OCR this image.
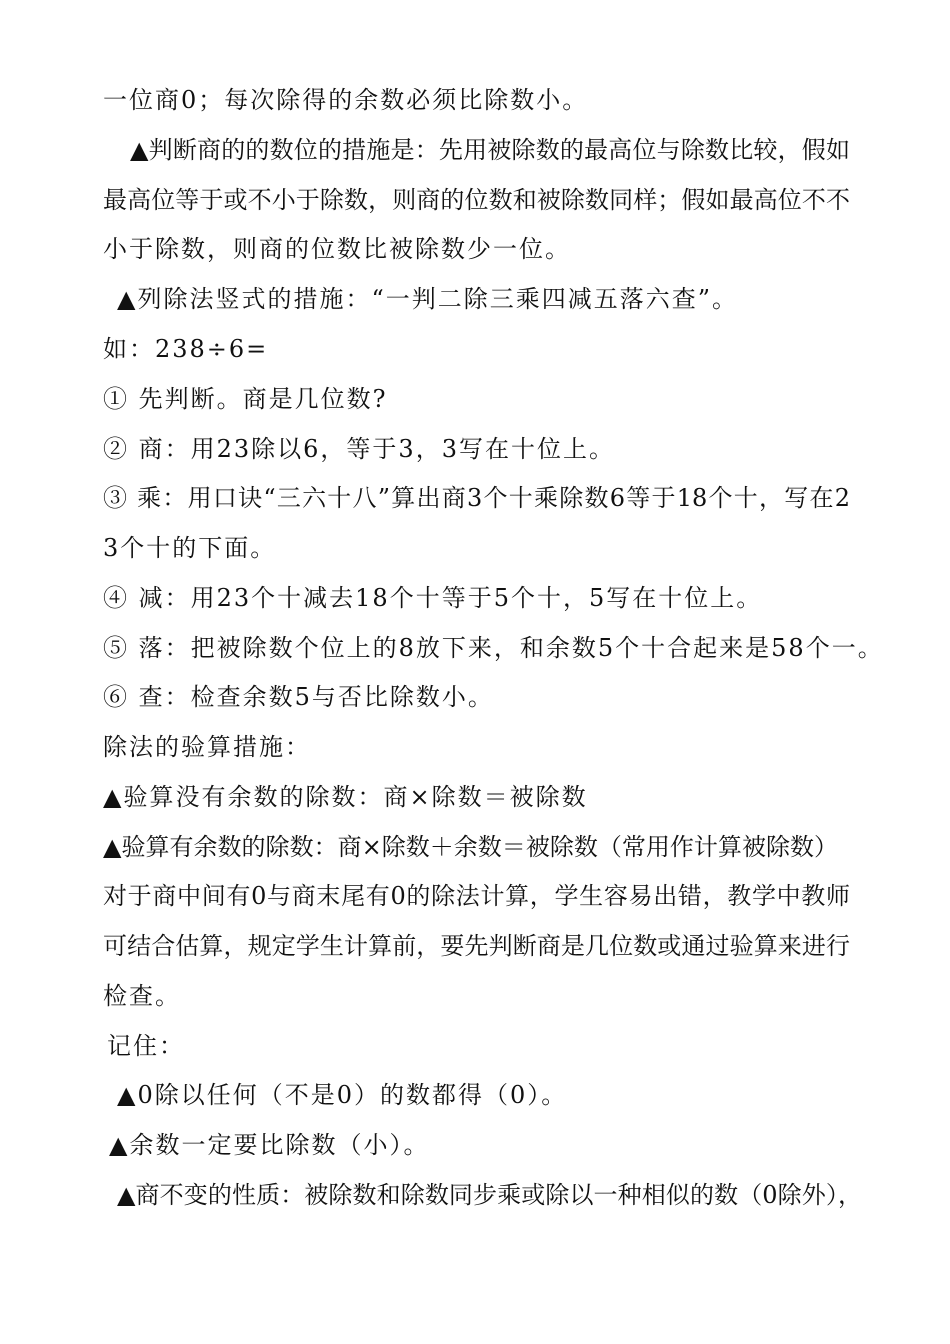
一位商0；每次除得的余数必须比除数小。
▲判断商的的数位的措施是：先用被除数的最高位与除数比较，假如
最高位等于或不小于除数，则商的位数和被除数同样；假如最高位不不
小于除数，则商的位数比被除数少一位。
▲列除法竖式的措施：“一判二除三乘四减五落六查”。
如：238÷6=
① 先判断。商是几位数?
② 商：用23除以6，等于3，3写在十位上。
③ 乘：用口诀“三六十八”算出商3个十乘除数6等于18个十，写在2
3个十的下面。
④ 减：用23个十减去18个十等于5个十，5写在十位上。
⑤ 落：把被除数个位上的8放下来，和余数5个十合起来是58个一。
⑥ 查：检查余数5与否比除数小。
除法的验算措施：
▲验算没有余数的除数：商×除数＝被除数
▲验算有余数的除数：商×除数＋余数＝被除数（常用作计算被除数）
对于商中间有0与商末尾有0的除法计算，学生容易出错，教学中教师
可结合估算，规定学生计算前，要先判断商是几位数或通过验算来进行
检查。
记住：
▲0除以任何（不是0）的数都得（0）。
▲余数一定要比除数（小）。
▲商不变的性质：被除数和除数同步乘或除以一种相似的数（0除外），
